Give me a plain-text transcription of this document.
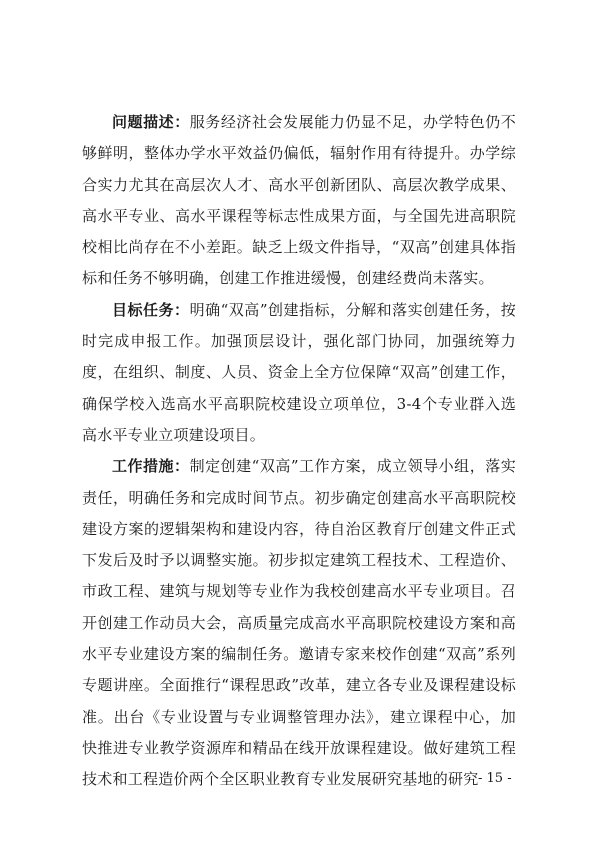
问题描述：服务经济社会发展能力仍显不足，办学特色仍不够鲜明，整体办学水平效益仍偏低，辐射作用有待提升。办学综合实力尤其在高层次人才、高水平创新团队、高层次教学成果、高水平专业、高水平课程等标志性成果方面，与全国先进高职院校相比尚存在不小差距。缺乏上级文件指导，“双高”创建具体指标和任务不够明确，创建工作推进缓慢，创建经费尚未落实。

目标任务：明确“双高”创建指标，分解和落实创建任务，按时完成申报工作。加强顶层设计，强化部门协同，加强统筹力度，在组织、制度、人员、资金上全方位保障“双高”创建工作，确保学校入选高水平高职院校建设立项单位，3-4个专业群入选高水平专业立项建设项目。

工作措施：制定创建“双高”工作方案，成立领导小组，落实责任，明确任务和完成时间节点。初步确定创建高水平高职院校建设方案的逻辑架构和建设内容，待自治区教育厅创建文件正式下发后及时予以调整实施。初步拟定建筑工程技术、工程造价、市政工程、建筑与规划等专业作为我校创建高水平专业项目。召开创建工作动员大会，高质量完成高水平高职院校建设方案和高水平专业建设方案的编制任务。邀请专家来校作创建“双高”系列专题讲座。全面推行“课程思政”改革，建立各专业及课程建设标准。出台《专业设置与专业调整管理办法》，建立课程中心，加快推进专业教学资源库和精品在线开放课程建设。做好建筑工程技术和工程造价两个全区职业教育专业发展研究基地的研究 - 15 -
